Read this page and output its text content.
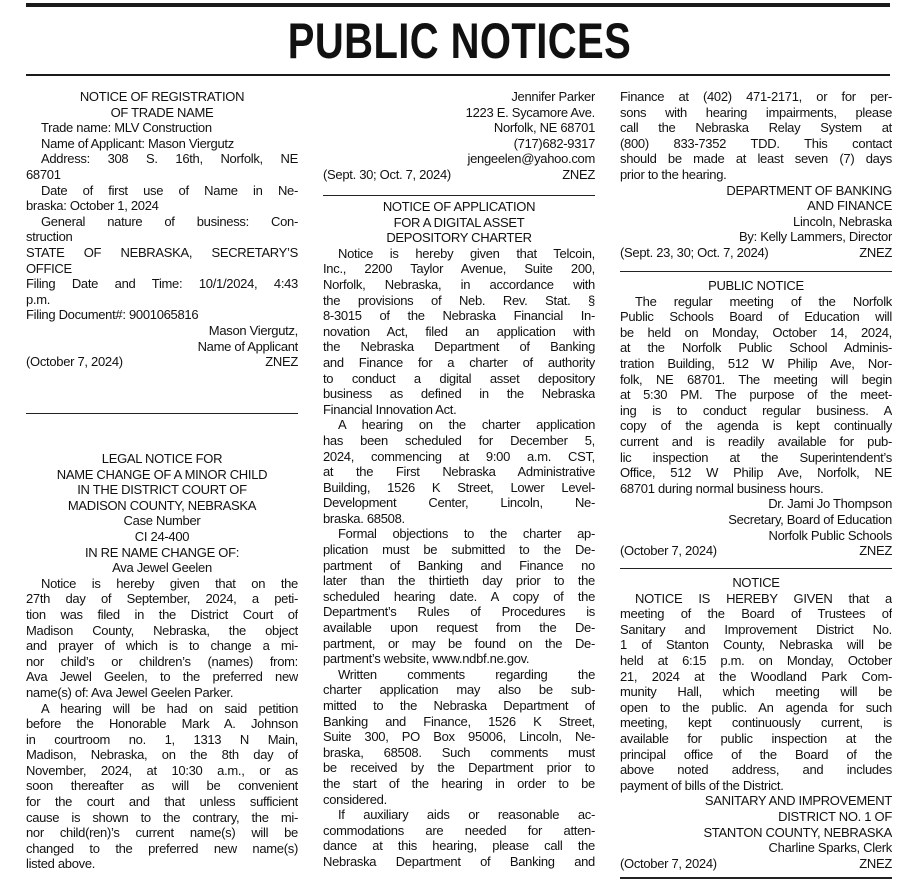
PUBLIC NOTICES
NOTICE OF REGISTRATION
OF TRADE NAME
Trade name: MLV Construction
Name of Applicant: Mason Viergutz
Address: 308 S. 16th, Norfolk, NE
68701
Date of first use of Name in Ne-
braska: October 1, 2024
General nature of business: Con-
struction
STATE OF NEBRASKA, SECRETARY’S
OFFICE
Filing Date and Time: 10/1/2024, 4:43
p.m.
Filing Document#: 9001065816
Mason Viergutz,
Name of Applicant
(October 7, 2024)	ZNEZ
LEGAL NOTICE FOR
NAME CHANGE OF A MINOR CHILD
IN THE DISTRICT COURT OF
MADISON COUNTY, NEBRASKA
Case Number
CI 24-400
IN RE NAME CHANGE OF:
Ava Jewel Geelen
Notice is hereby given that on the
27th day of September, 2024, a peti-
tion was filed in the District Court of
Madison County, Nebraska, the object
and prayer of which is to change a mi-
nor child’s or children’s (names) from:
Ava Jewel Geelen, to the preferred new
name(s) of: Ava Jewel Geelen Parker.
A hearing will be had on said petition
before the Honorable Mark A. Johnson
in courtroom no. 1, 1313 N Main,
Madison, Nebraska, on the 8th day of
November, 2024, at 10:30 a.m., or as
soon thereafter as will be convenient
for the court and that unless sufficient
cause is shown to the contrary, the mi-
nor child(ren)’s current name(s) will be
changed to the preferred new name(s)
listed above.
Jennifer Parker
1223 E. Sycamore Ave.
Norfolk, NE 68701
(717)682-9317
jengeelen@yahoo.com
(Sept. 30; Oct. 7, 2024)	ZNEZ
NOTICE OF APPLICATION
FOR A DIGITAL ASSET
DEPOSITORY CHARTER
Notice is hereby given that Telcoin,
Inc., 2200 Taylor Avenue, Suite 200,
Norfolk, Nebraska, in accordance with
the provisions of Neb. Rev. Stat. §
8-3015 of the Nebraska Financial In-
novation Act, filed an application with
the Nebraska Department of Banking
and Finance for a charter of authority
to conduct a digital asset depository
business as defined in the Nebraska
Financial Innovation Act.
A hearing on the charter application
has been scheduled for December 5,
2024, commencing at 9:00 a.m. CST,
at the First Nebraska Administrative
Building, 1526 K Street, Lower Level-
Development Center, Lincoln, Ne-
braska. 68508.
Formal objections to the charter ap-
plication must be submitted to the De-
partment of Banking and Finance no
later than the thirtieth day prior to the
scheduled hearing date. A copy of the
Department’s Rules of Procedures is
available upon request from the De-
partment, or may be found on the De-
partment’s website, www.ndbf.ne.gov.
Written comments regarding the
charter application may also be sub-
mitted to the Nebraska Department of
Banking and Finance, 1526 K Street,
Suite 300, PO Box 95006, Lincoln, Ne-
braska, 68508. Such comments must
be received by the Department prior to
the start of the hearing in order to be
considered.
If auxiliary aids or reasonable ac-
commodations are needed for atten-
dance at this hearing, please call the
Nebraska Department of Banking and
Finance at (402) 471-2171, or for per-
sons with hearing impairments, please
call the Nebraska Relay System at
(800) 833-7352 TDD. This contact
should be made at least seven (7) days
prior to the hearing.
DEPARTMENT OF BANKING
AND FINANCE
Lincoln, Nebraska
By: Kelly Lammers, Director
(Sept. 23, 30; Oct. 7, 2024)	ZNEZ
PUBLIC NOTICE
The regular meeting of the Norfolk
Public Schools Board of Education will
be held on Monday, October 14, 2024,
at the Norfolk Public School Adminis-
tration Building, 512 W Philip Ave, Nor-
folk, NE 68701. The meeting will begin
at 5:30 PM. The purpose of the meet-
ing is to conduct regular business. A
copy of the agenda is kept continually
current and is readily available for pub-
lic inspection at the Superintendent’s
Office, 512 W Philip Ave, Norfolk, NE
68701 during normal business hours.
Dr. Jami Jo Thompson
Secretary, Board of Education
Norfolk Public Schools
(October 7, 2024)	ZNEZ
NOTICE
NOTICE IS HEREBY GIVEN that a
meeting of the Board of Trustees of
Sanitary and Improvement District No.
1 of Stanton County, Nebraska will be
held at 6:15 p.m. on Monday, October
21, 2024 at the Woodland Park Com-
munity Hall, which meeting will be
open to the public. An agenda for such
meeting, kept continuously current, is
available for public inspection at the
principal office of the Board of the
above noted address, and includes
payment of bills of the District.
SANITARY AND IMPROVEMENT
DISTRICT NO. 1 OF
STANTON COUNTY, NEBRASKA
Charline Sparks, Clerk
(October 7, 2024)	ZNEZ
